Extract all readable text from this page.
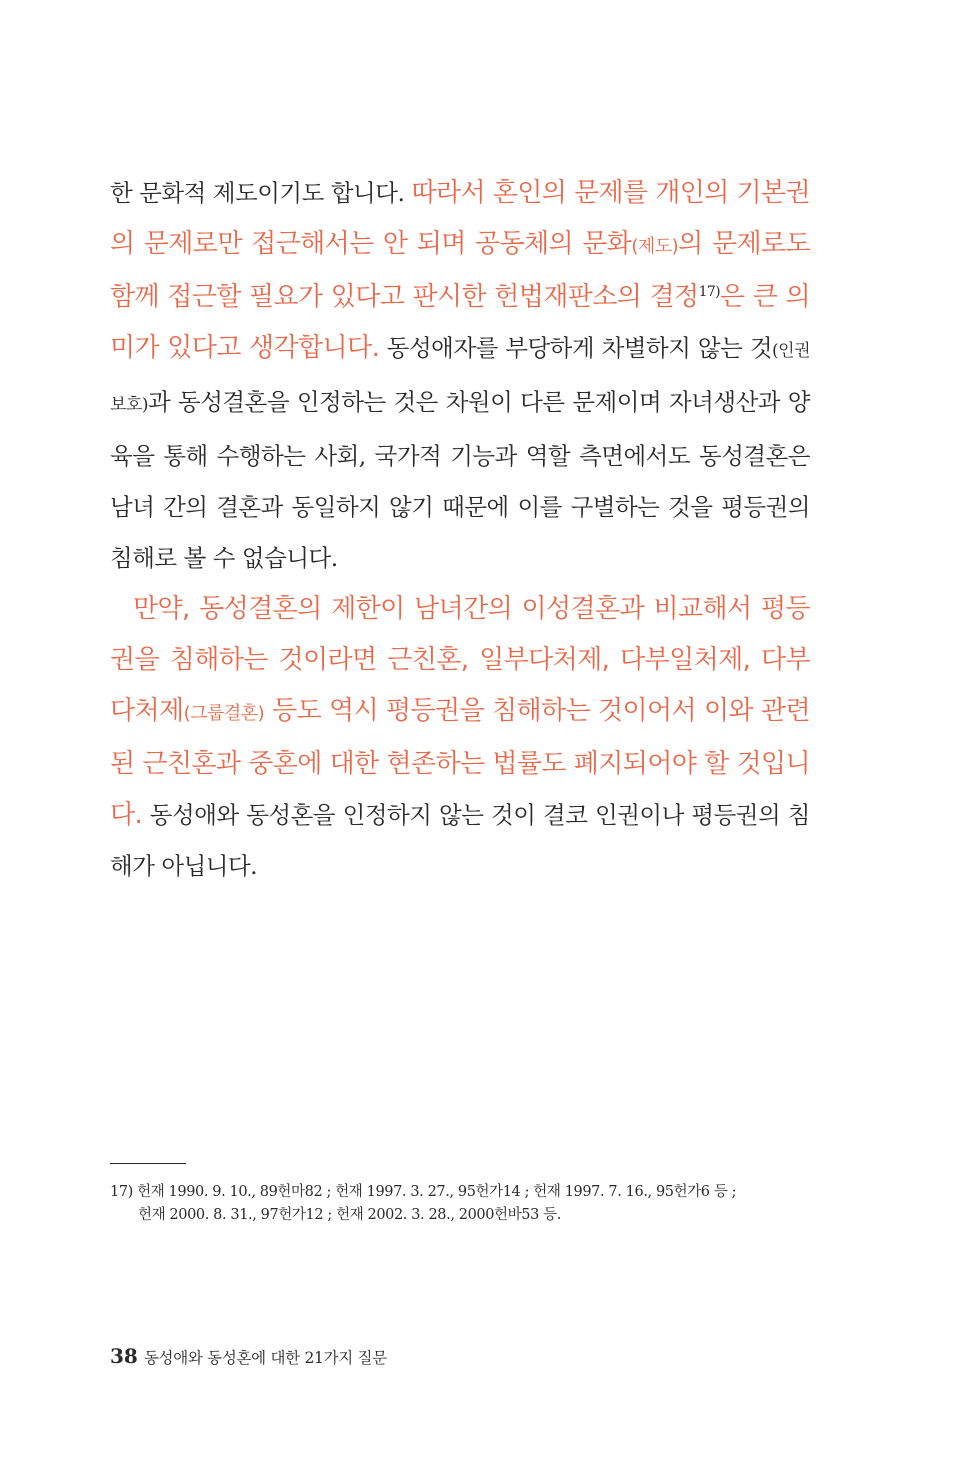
한 문화적 제도이기도 합니다. 따라서 혼인의 문제를 개인의 기본권의 문제로만 접근해서는 안 되며 공동체의 문화(제도)의 문제로도 함께 접근할 필요가 있다고 판시한 헌법재판소의 결정$^{17)}$은 큰 의미가 있다고 생각합니다. 동성애자를 부당하게 차별하지 않는 것(인권 보호)과 동성결혼을 인정하는 것은 차원이 다른 문제이며 자녀생산과 양육을 통해 수행하는 사회, 국가적 기능과 역할 측면에서도 동성결혼은 남녀 간의 결혼과 동일하지 않기 때문에 이를 구별하는 것을 평등권의 침해로 볼 수 없습니다.

만약, 동성결혼의 제한이 남녀간의 이성결혼과 비교해서 평등권을 침해하는 것이라면 근친혼, 일부다처제, 다부일처제, 다부다처제(그룹결혼) 등도 역시 평등권을 침해하는 것이어서 이와 관련된 근친혼과 중혼에 대한 현존하는 법률도 폐지되어야 할 것입니다. 동성애와 동성혼을 인정하지 않는 것이 결코 인권이나 평등권의 침해가 아닙니다.

17) 헌재 1990. 9. 10., 89헌마82 ; 헌재 1997. 3. 27., 95헌가14 ; 헌재 1997. 7. 16., 95헌가6 등 ;
헌재 2000. 8. 31., 97헌가12 ; 헌재 2002. 3. 28., 2000헌바53 등.
38 동성애와 동성혼에 대한 21가지 질문
